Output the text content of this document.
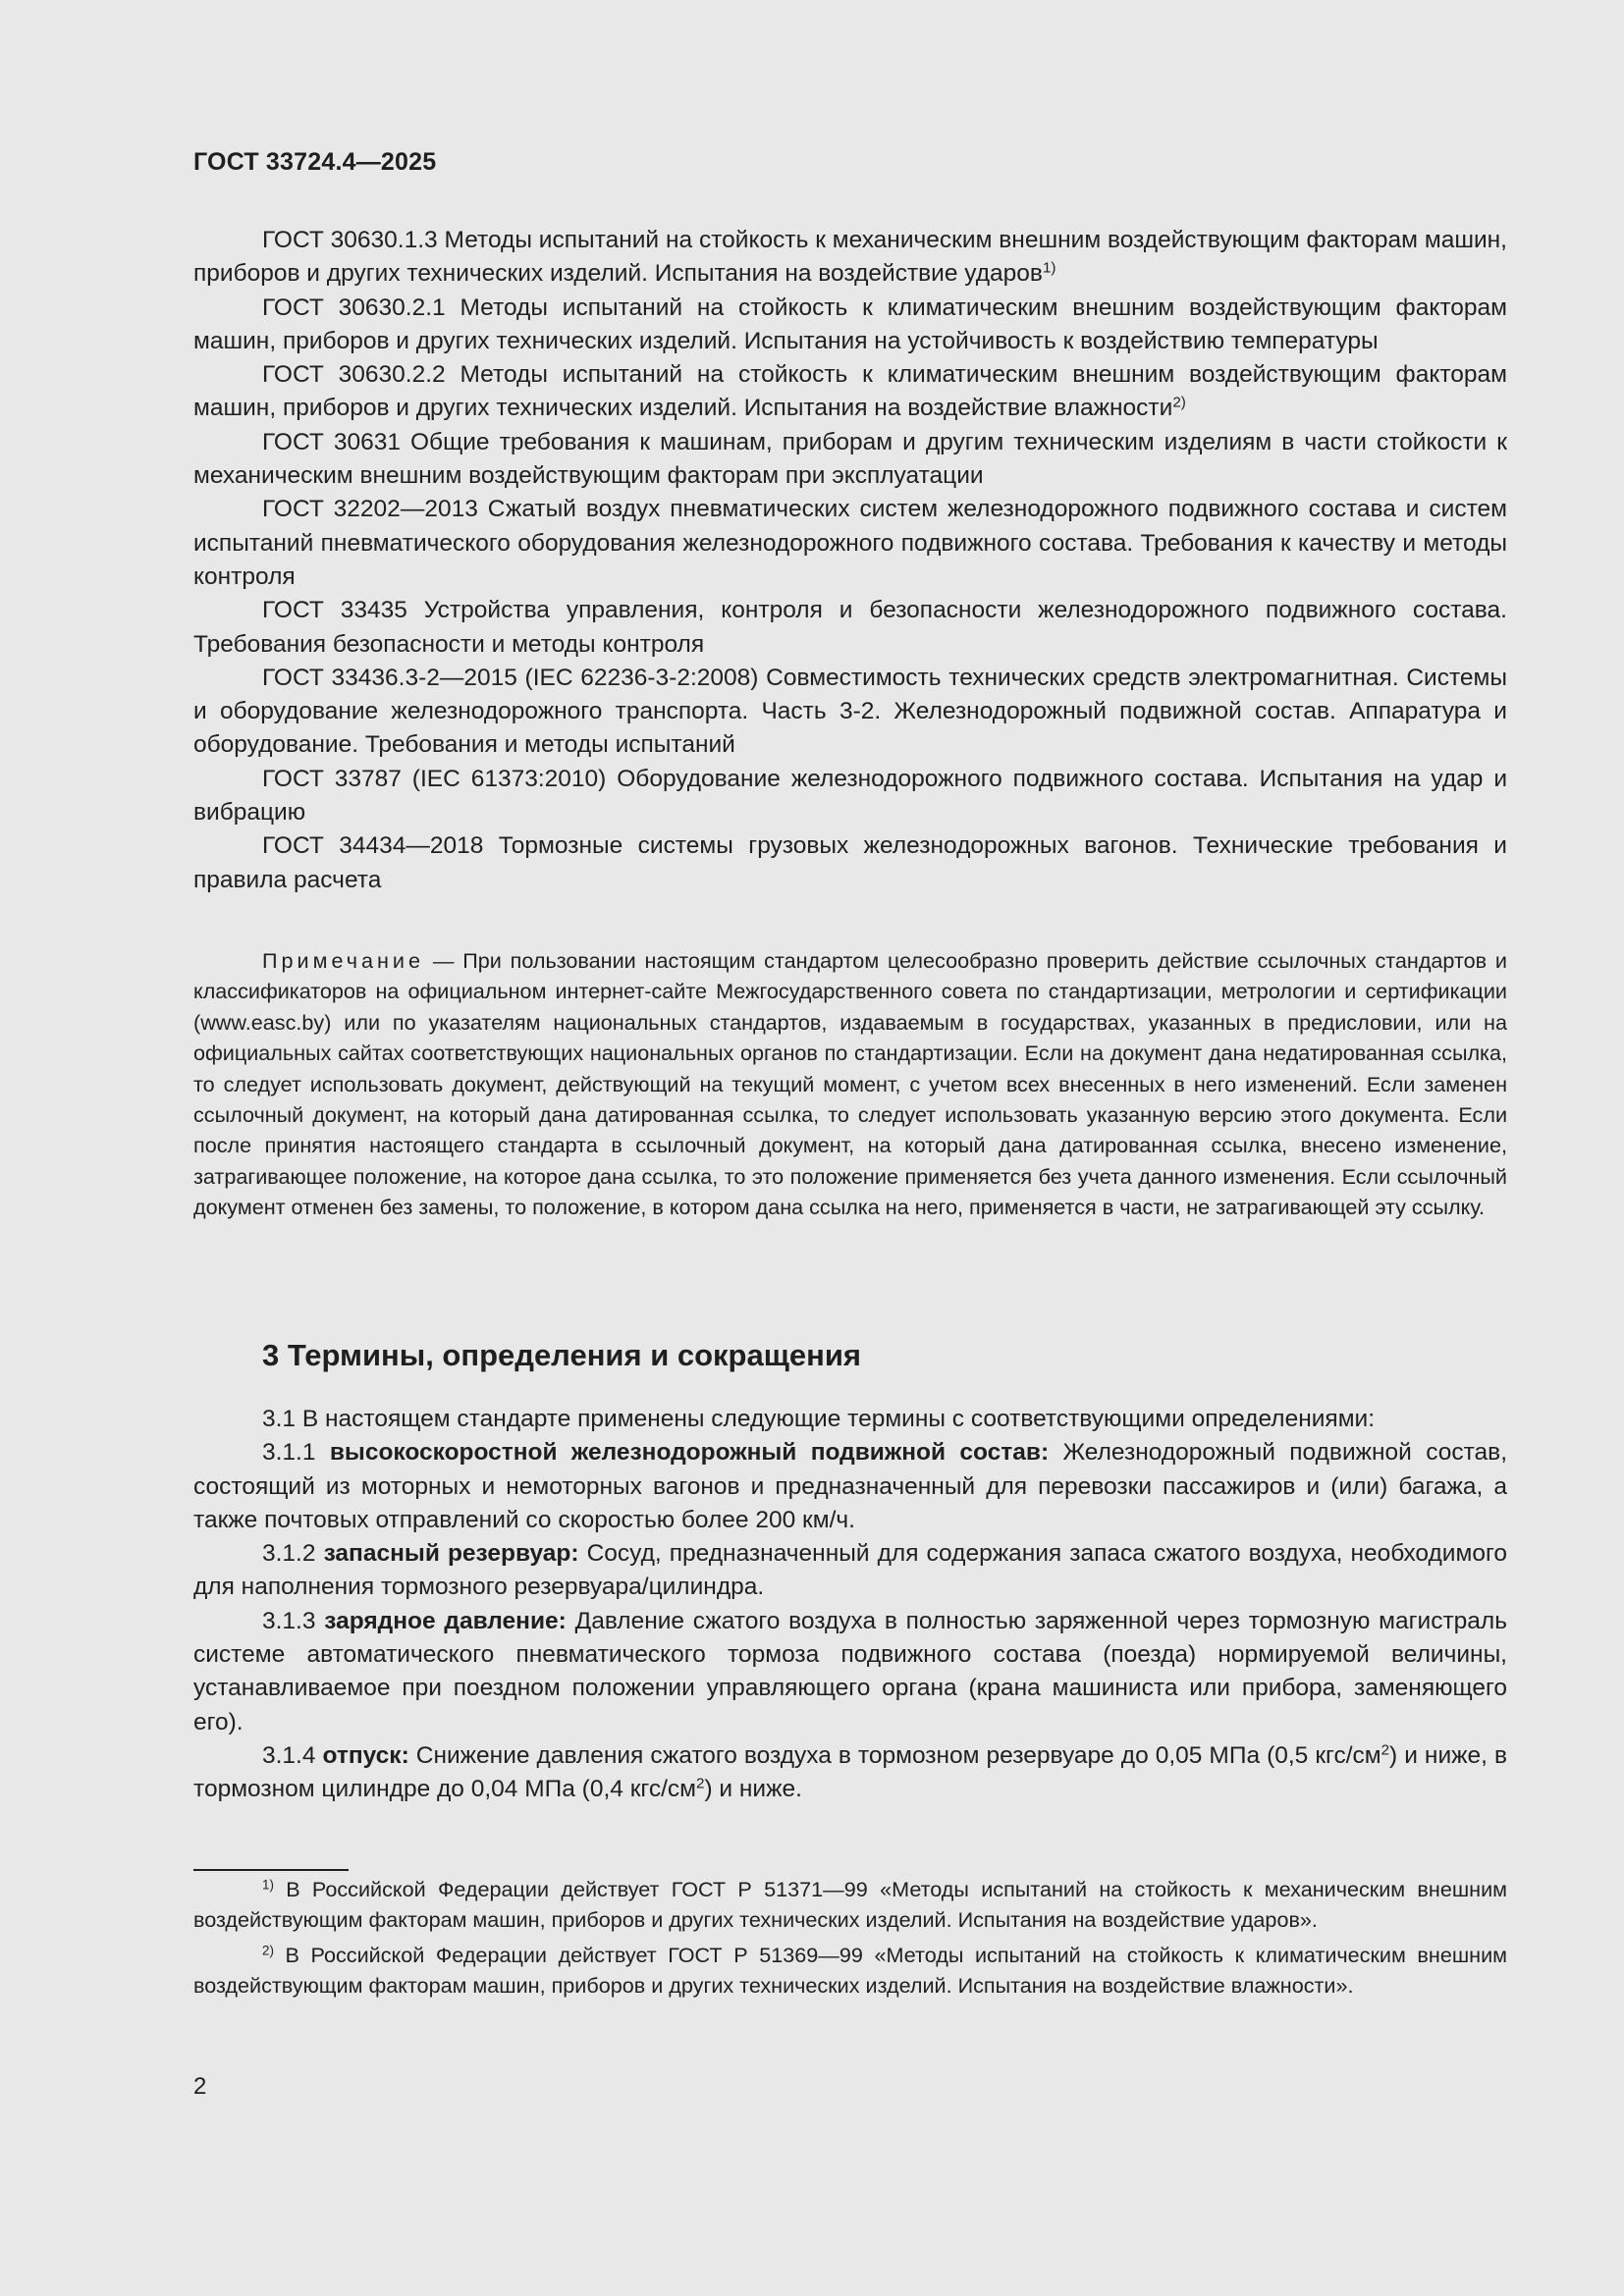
ГОСТ 33724.4—2025

ГОСТ 30630.1.3 Методы испытаний на стойкость к механическим внешним воздействующим факторам машин, приборов и других технических изделий. Испытания на воздействие ударов$^{1)}$

ГОСТ 30630.2.1 Методы испытаний на стойкость к климатическим внешним воздействующим факторам машин, приборов и других технических изделий. Испытания на устойчивость к воздействию температуры

ГОСТ 30630.2.2 Методы испытаний на стойкость к климатическим внешним воздействующим факторам машин, приборов и других технических изделий. Испытания на воздействие влажности$^{2)}$

ГОСТ 30631 Общие требования к машинам, приборам и другим техническим изделиям в части стойкости к механическим внешним воздействующим факторам при эксплуатации

ГОСТ 32202—2013 Сжатый воздух пневматических систем железнодорожного подвижного состава и систем испытаний пневматического оборудования железнодорожного подвижного состава. Требования к качеству и методы контроля

ГОСТ 33435 Устройства управления, контроля и безопасности железнодорожного подвижного состава. Требования безопасности и методы контроля

ГОСТ 33436.3-2—2015 (IEC 62236-3-2:2008) Совместимость технических средств электромагнитная. Системы и оборудование железнодорожного транспорта. Часть 3-2. Железнодорожный подвижной состав. Аппаратура и оборудование. Требования и методы испытаний

ГОСТ 33787 (IEC 61373:2010) Оборудование железнодорожного подвижного состава. Испытания на удар и вибрацию

ГОСТ 34434—2018 Тормозные системы грузовых железнодорожных вагонов. Технические требования и правила расчета

Примечание — При пользовании настоящим стандартом целесообразно проверить действие ссылочных стандартов и классификаторов на официальном интернет-сайте Межгосударственного совета по стандартизации, метрологии и сертификации (www.easc.by) или по указателям национальных стандартов, издаваемым в государствах, указанных в предисловии, или на официальных сайтах соответствующих национальных органов по стандартизации. Если на документ дана недатированная ссылка, то следует использовать документ, действующий на текущий момент, с учетом всех внесенных в него изменений. Если заменен ссылочный документ, на который дана датированная ссылка, то следует использовать указанную версию этого документа. Если после принятия настоящего стандарта в ссылочный документ, на который дана датированная ссылка, внесено изменение, затрагивающее положение, на которое дана ссылка, то это положение применяется без учета данного изменения. Если ссылочный документ отменен без замены, то положение, в котором дана ссылка на него, применяется в части, не затрагивающей эту ссылку.

3 Термины, определения и сокращения

3.1 В настоящем стандарте применены следующие термины с соответствующими определениями:

3.1.1 высокоскоростной железнодорожный подвижной состав: Железнодорожный подвижной состав, состоящий из моторных и немоторных вагонов и предназначенный для перевозки пассажиров и (или) багажа, а также почтовых отправлений со скоростью более 200 км/ч.

3.1.2 запасный резервуар: Сосуд, предназначенный для содержания запаса сжатого воздуха, необходимого для наполнения тормозного резервуара/цилиндра.

3.1.3 зарядное давление: Давление сжатого воздуха в полностью заряженной через тормозную магистраль системе автоматического пневматического тормоза подвижного состава (поезда) нормируемой величины, устанавливаемое при поездном положении управляющего органа (крана машиниста или прибора, заменяющего его).

3.1.4 отпуск: Снижение давления сжатого воздуха в тормозном резервуаре до 0,05 МПа (0,5 кгс/$см^2$) и ниже, в тормозном цилиндре до 0,04 МПа (0,4 кгс/$см^2$) и ниже.

$^{1)}$ В Российской Федерации действует ГОСТ Р 51371—99 «Методы испытаний на стойкость к механическим внешним воздействующим факторам машин, приборов и других технических изделий. Испытания на воздействие ударов».

$^{2)}$ В Российской Федерации действует ГОСТ Р 51369—99 «Методы испытаний на стойкость к климатическим внешним воздействующим факторам машин, приборов и других технических изделий. Испытания на воздействие влажности».

2
